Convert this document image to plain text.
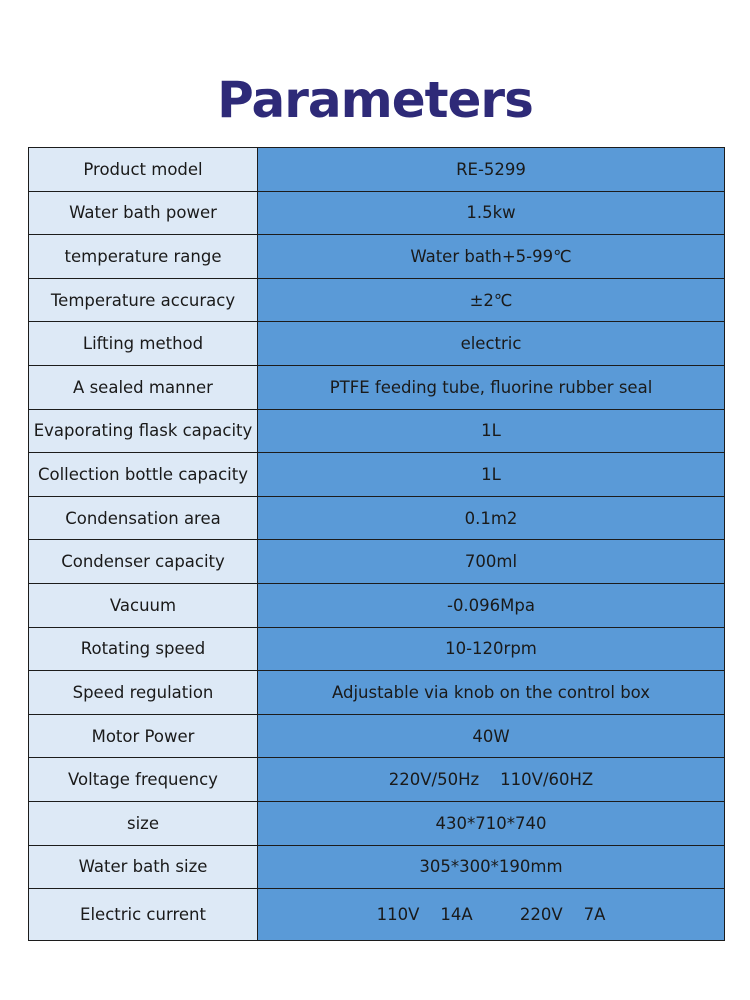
Parameters
Product model	RE-5299
Water bath power	1.5kw
temperature range	Water bath+5-99℃
Temperature accuracy	±2℃
Lifting method	electric
A sealed manner	PTFE feeding tube, fluorine rubber seal
Evaporating flask capacity	1L
Collection bottle capacity	1L
Condensation area	0.1m2
Condenser capacity	700ml
Vacuum	-0.096Mpa
Rotating speed	10-120rpm
Speed regulation	Adjustable via knob on the control box
Motor Power	40W
Voltage frequency	220V/50Hz    110V/60HZ
size	430*710*740
Water bath size	305*300*190mm
Electric current	110V    14A         220V    7A
